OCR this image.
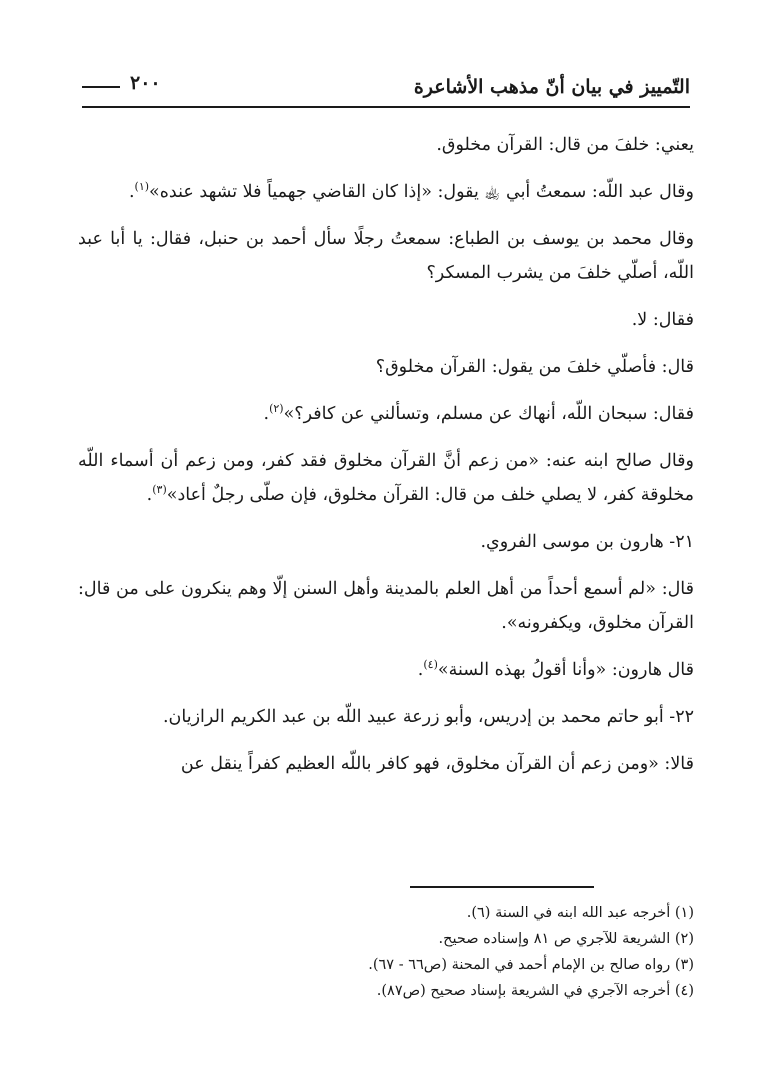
التّمييز في بيان أنّ مذهب الأشاعرة
٢٠٠

يعني: خلفَ من قال: القرآن مخلوق.

وقال عبد اللّه: سمعتُ أبي ﵀ يقول: «إذا كان القاضي جهمياً فلا تشهد عنده»$^{(١)}$.

وقال محمد بن يوسف بن الطباع: سمعتُ رجلًا سأل أحمد بن حنبل، فقال: يا أبا عبد اللّه، أصلّي خلفَ من يشرب المسكر؟

فقال: لا.

قال: فأصلّي خلفَ من يقول: القرآن مخلوق؟

فقال: سبحان اللّه، أنهاك عن مسلم، وتسألني عن كافر؟»$^{(٢)}$.

وقال صالح ابنه عنه: «من زعم أنَّ القرآن مخلوق فقد كفر، ومن زعم أن أسماء اللّه مخلوقة كفر، لا يصلي خلف من قال: القرآن مخلوق، فإن صلّى رجلٌ أعاد»$^{(٣)}$.

٢١- هارون بن موسى الفروي.

قال: «لم أسمع أحداً من أهل العلم بالمدينة وأهل السنن إلّا وهم ينكرون على من قال: القرآن مخلوق، ويكفرونه».

قال هارون: «وأنا أقولُ بهذه السنة»$^{(٤)}$.

٢٢- أبو حاتم محمد بن إدريس، وأبو زرعة عبيد اللّه بن عبد الكريم الرازيان.

قالا: «ومن زعم أن القرآن مخلوق، فهو كافر باللّه العظيم كفراً ينقل عن

(١) أخرجه عبد الله ابنه في السنة (٦).
(٢) الشريعة للآجري ص ٨١ وإسناده صحيح.
(٣) رواه صالح بن الإمام أحمد في المحنة (ص٦٦ - ٦٧).
(٤) أخرجه الآجري في الشريعة بإسناد صحيح (ص٨٧).
